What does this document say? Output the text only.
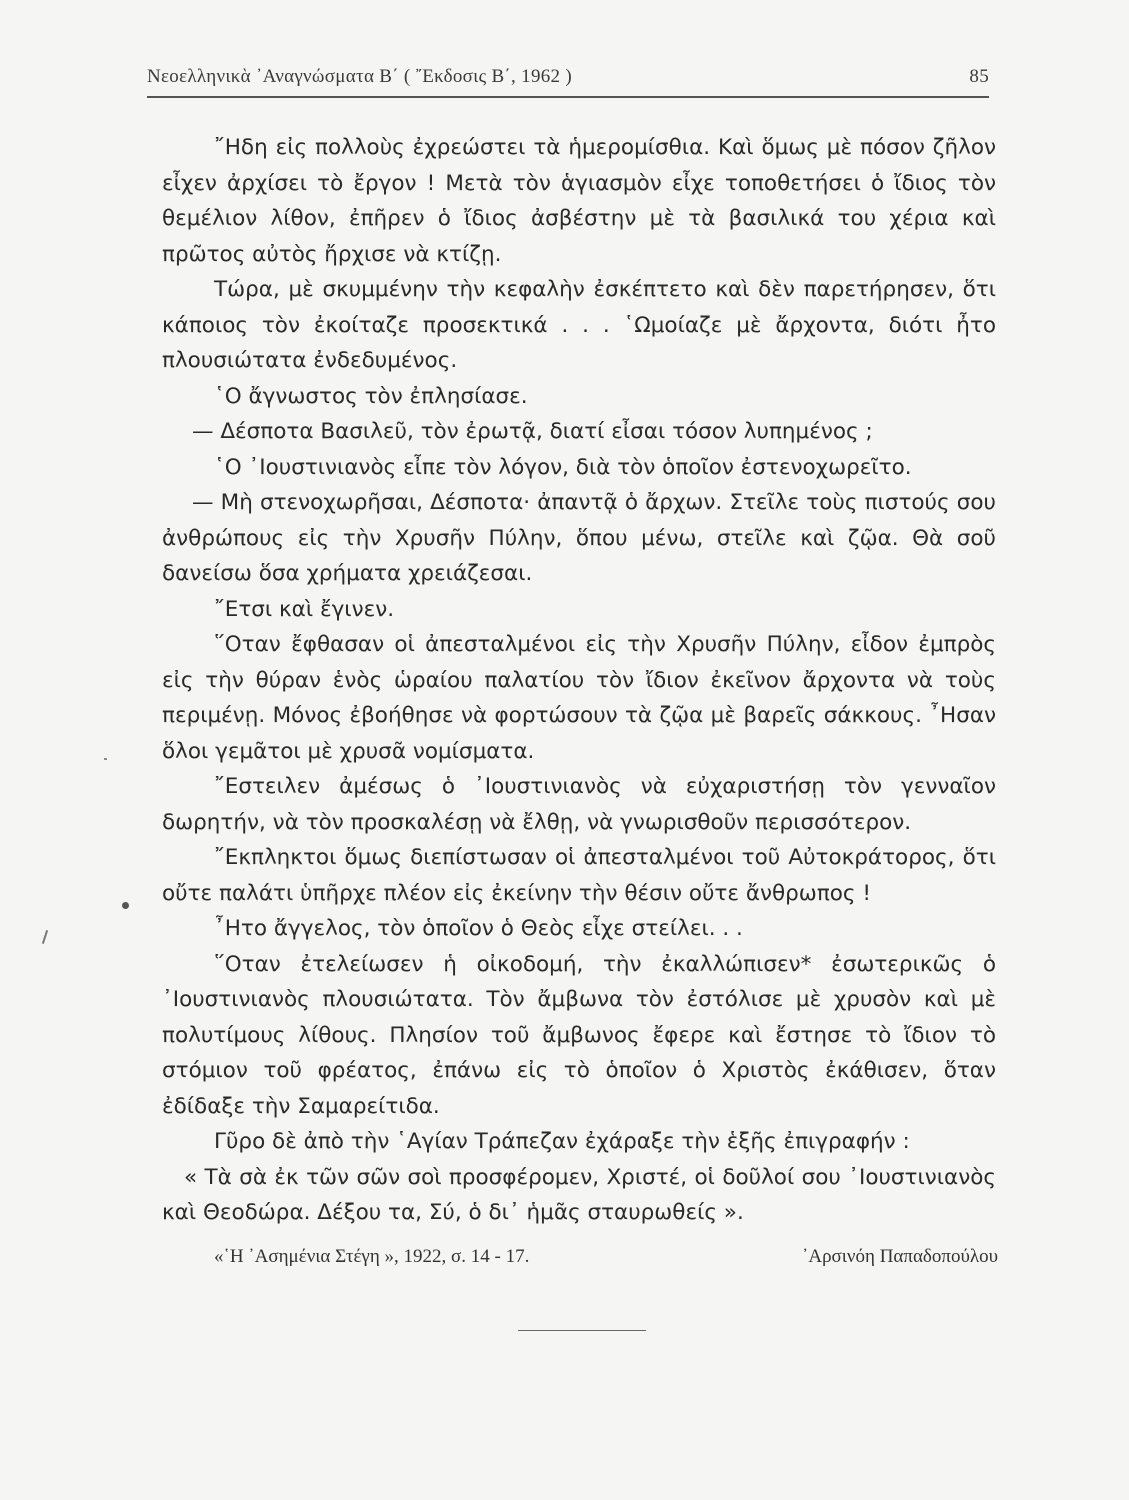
Νεοελληνικὰ ᾿Αναγνώσματα Β΄ ( ῎Εκδοσις Β΄, 1962 )	85

῎Ηδη εἰς πολλοὺς ἐχρεώστει τὰ ἡμερομίσθια. Καὶ ὅμως μὲ πόσον ζῆλον εἶχεν ἀρχίσει τὸ ἔργον ! Μετὰ τὸν ἁγιασμὸν εἶχε τοποθετήσει ὁ ἴδιος τὸν θεμέλιον λίθον, ἐπῆρεν ὁ ἴδιος ἀσβέστην μὲ τὰ βασιλικά του χέρια καὶ πρῶτος αὐτὸς ἤρχισε νὰ κτίζῃ.

Τώρα, μὲ σκυμμένην τὴν κεφαλὴν ἐσκέπτετο καὶ δὲν παρετήρησεν, ὅτι κάποιος τὸν ἐκοίταζε προσεκτικά . . . ῾Ωμοίαζε μὲ ἄρχοντα, διότι ἦτο πλουσιώτατα ἐνδεδυμένος.

῾Ο ἄγνωστος τὸν ἐπλησίασε.

— Δέσποτα Βασιλεῦ, τὸν ἐρωτᾷ, διατί εἶσαι τόσον λυπημένος ;

῾Ο ᾿Ιουστινιανὸς εἶπε τὸν λόγον, διὰ τὸν ὁποῖον ἐστενοχωρεῖτο.

— Μὴ στενοχωρῆσαι, Δέσποτα· ἀπαντᾷ ὁ ἄρχων. Στεῖλε τοὺς πιστούς σου ἀνθρώπους εἰς τὴν Χρυσῆν Πύλην, ὅπου μένω, στεῖλε καὶ ζῷα. Θὰ σοῦ δανείσω ὅσα χρήματα χρειάζεσαι.

῎Ετσι καὶ ἔγινεν.

῞Οταν ἔφθασαν οἱ ἀπεσταλμένοι εἰς τὴν Χρυσῆν Πύλην, εἶδον ἐμπρὸς εἰς τὴν θύραν ἑνὸς ὡραίου παλατίου τὸν ἴδιον ἐκεῖνον ἄρχοντα νὰ τοὺς περιμένῃ. Μόνος ἐβοήθησε νὰ φορτώσουν τὰ ζῷα μὲ βαρεῖς σάκκους. ῏Ησαν ὅλοι γεμᾶτοι μὲ χρυσᾶ νομίσματα.

῎Εστειλεν ἀμέσως ὁ ᾿Ιουστινιανὸς νὰ εὐχαριστήσῃ τὸν γενναῖον δωρητήν, νὰ τὸν προσκαλέσῃ νὰ ἔλθῃ, νὰ γνωρισθοῦν περισσότερον.

῎Εκπληκτοι ὅμως διεπίστωσαν οἱ ἀπεσταλμένοι τοῦ Αὐτοκράτορος, ὅτι οὔτε παλάτι ὑπῆρχε πλέον εἰς ἐκείνην τὴν θέσιν οὔτε ἄνθρωπος !

῏Ητο ἄγγελος, τὸν ὁποῖον ὁ Θεὸς εἶχε στείλει. . .

῞Οταν ἐτελείωσεν ἡ οἰκοδομή, τὴν ἐκαλλώπισεν* ἐσωτερικῶς ὁ ᾿Ιουστινιανὸς πλουσιώτατα. Τὸν ἄμβωνα τὸν ἐστόλισε μὲ χρυσὸν καὶ μὲ πολυτίμους λίθους. Πλησίον τοῦ ἄμβωνος ἔφερε καὶ ἔστησε τὸ ἴδιον τὸ στόμιον τοῦ φρέατος, ἐπάνω εἰς τὸ ὁποῖον ὁ Χριστὸς ἐκάθισεν, ὅταν ἐδίδαξε τὴν Σαμαρείτιδα.

Γῦρο δὲ ἀπὸ τὴν ῾Αγίαν Τράπεζαν ἐχάραξε τὴν ἑξῆς ἐπιγραφήν :

« Τὰ σὰ ἐκ τῶν σῶν σοὶ προσφέρομεν, Χριστέ, οἱ δοῦλοί σου ᾿Ιουστινιανὸς καὶ Θεοδώρα. Δέξου τα, Σύ, ὁ δι᾿ ἡμᾶς σταυρωθείς ».

«῾Η ᾿Ασημένια Στέγη », 1922, σ. 14 - 17.	᾿Αρσινόη Παπαδοπούλου
